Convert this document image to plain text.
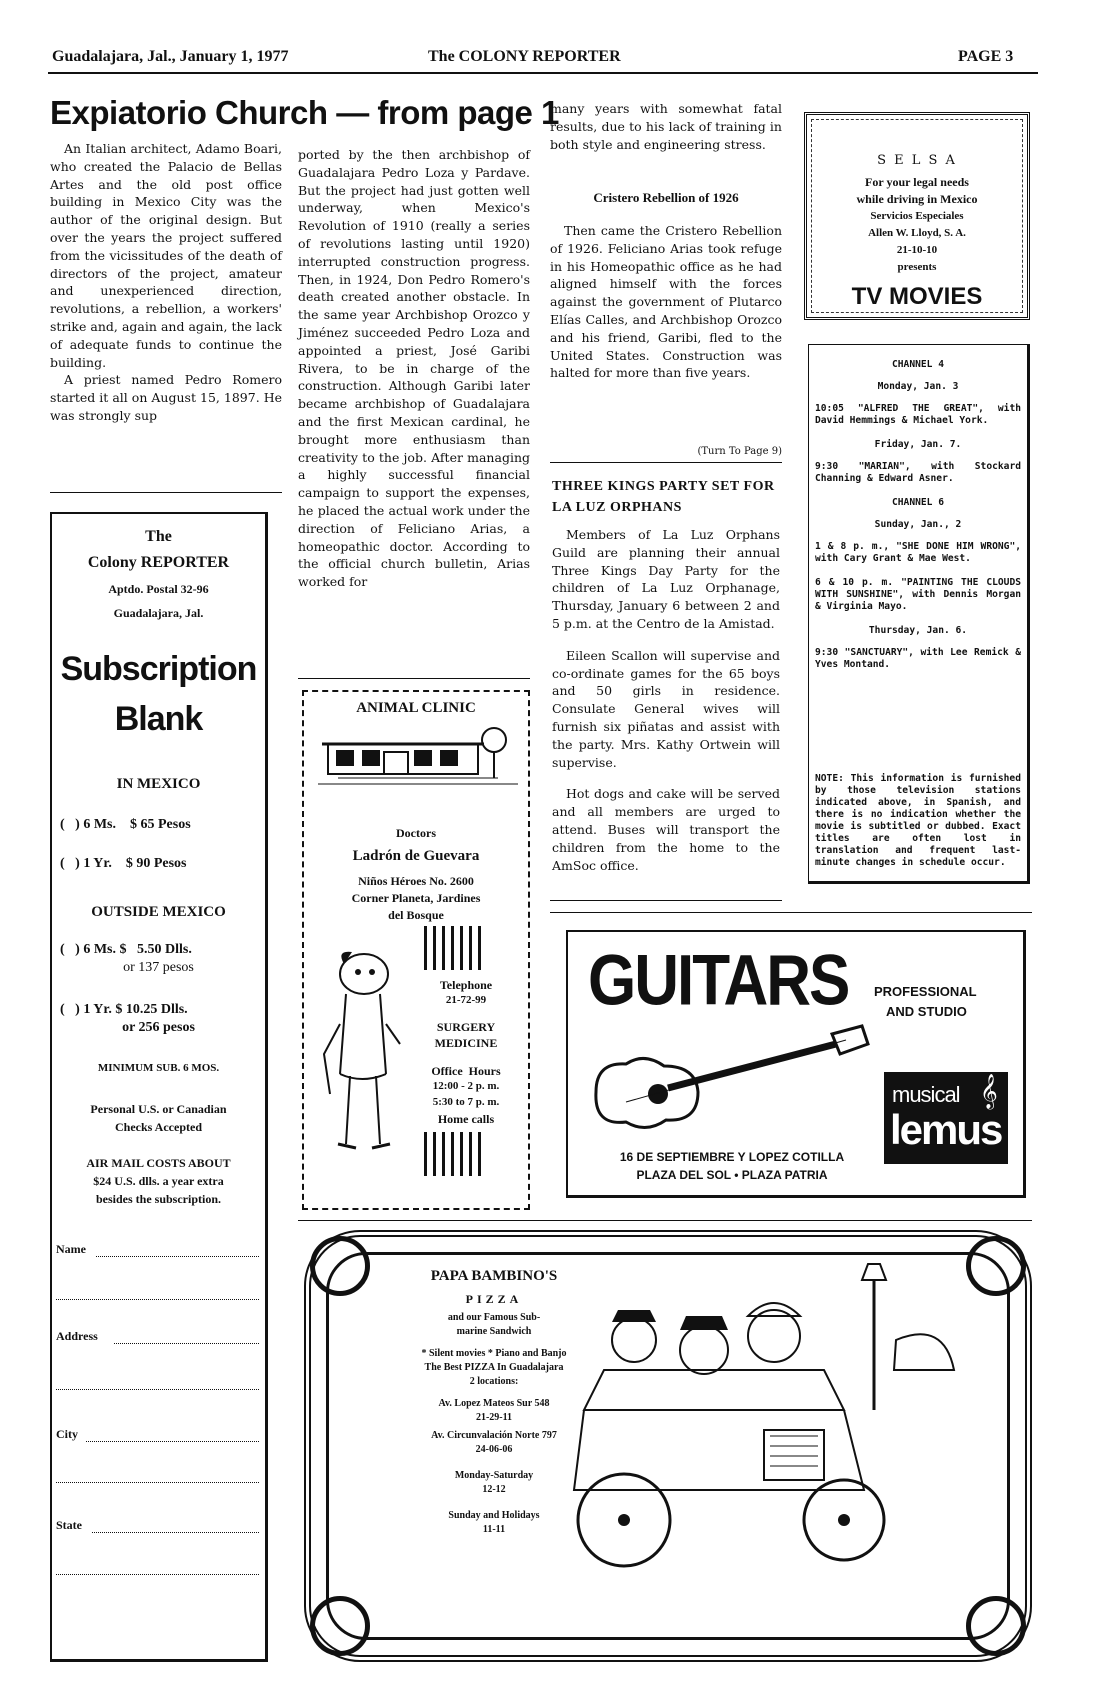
Guadalajara, Jal., January 1, 1977	The COLONY REPORTER	PAGE 3
Expiatorio Church — from page 1

An Italian architect, Adamo Boari, who created the Palacio de Bellas Artes and the old post office building in Mexico City was the author of the original design. But over the years the project suffered from the vicissitudes of the death of directors of the project, amateur and unexperienced direction, revolutions, a rebellion, a workers' strike and, again and again, the lack of adequate funds to continue the building.

A priest named Pedro Romero started it all on August 15, 1897. He was strongly sup

ported by the then archbishop of Guadalajara Pedro Loza y Pardave. But the project had just gotten well underway, when Mexico's Revolution of 1910 (really a series of revolutions lasting until 1920) interrupted construction progress. Then, in 1924, Don Pedro Romero's death created another obstacle. In the same year Archbishop Orozco y Jiménez succeeded Pedro Loza and appointed a priest, José Garibi Rivera, to be in charge of the construction. Although Garibi later became archbishop of Guadalajara and the first Mexican cardinal, he brought more enthusiasm than creativity to the job. After managing a highly successful financial campaign to support the expenses, he placed the actual work under the direction of Feliciano Arias, a homeopathic doctor. According to the official church bulletin, Arias worked for

many years with somewhat fatal results, due to his lack of training in both style and engineering stress.

Cristero Rebellion of 1926

Then came the Cristero Rebellion of 1926. Feliciano Arias took refuge in his Homeopathic office as he had aligned himself with the forces against the government of Plutarco Elías Calles, and Archbishop Orozco and his friend, Garibi, fled to the United States. Construction was halted for more than five years.

(Turn To Page 9)
THREE KINGS PARTY SET FOR LA LUZ ORPHANS

Members of La Luz Orphans Guild are planning their annual Three Kings Day Party for the children of La Luz Orphanage, Thursday, January 6 between 2 and 5 p.m. at the Centro de la Amistad.

Eileen Scallon will supervise and co-ordinate games for the 65 boys and 50 girls in residence. Consulate General wives will furnish six piñatas and assist with the party. Mrs. Kathy Ortwein will supervise.

Hot dogs and cake will be served and all members are urged to attend. Buses will transport the children from the home to the AmSoc office.

S E L S A
For your legal needs
while driving in Mexico
Servicios Especiales
Allen W. Lloyd, S. A.
21-10-10
presents
TV MOVIES
CHANNEL 4
Monday, Jan. 3
10:05 "ALFRED THE GREAT", with David Hemmings & Michael York.
Friday, Jan. 7.
9:30 "MARIAN", with Stockard Channing & Edward Asner.
CHANNEL 6
Sunday, Jan., 2
1 & 8 p. m., "SHE DONE HIM WRONG", with Cary Grant & Mae West.
6 & 10 p. m. "PAINTING THE CLOUDS WITH SUNSHINE", with Dennis Morgan & Virginia Mayo.
Thursday, Jan. 6.
9:30 "SANCTUARY", with Lee Remick & Yves Montand.
NOTE: This information is furnished by those television stations indicated above, in Spanish, and there is no indication whether the movie is subtitled or dubbed. Exact titles are often lost in translation and frequent last-minute changes in schedule occur.
The
Colony REPORTER
Aptdo. Postal 32-96
Guadalajara, Jal.
Subscription
Blank
IN MEXICO
(   ) 6 Ms.    $ 65 Pesos
(   ) 1 Yr.    $ 90 Pesos
OUTSIDE MEXICO
(   ) 6 Ms. $   5.50 Dlls.
or 137 pesos
(   ) 1 Yr. $ 10.25 Dlls.
or 256 pesos
MINIMUM SUB. 6 MOS.
Personal U.S. or Canadian
Checks Accepted
AIR MAIL COSTS ABOUT
$24 U.S. dlls. a year extra
besides the subscription.
Name
Address
City
State
ANIMAL CLINIC
Doctors
Ladrón de Guevara
Niños Héroes No. 2600
Corner Planeta, Jardines
del Bosque
Telephone
21-72-99
SURGERY
MEDICINE
Office  Hours
12:00 - 2 p. m.
5:30 to 7 p. m.
Home calls
GUITARS PROFESSIONAL
AND STUDIO
musical
lemus
𝄞
16 DE SEPTIEMBRE Y LOPEZ COTILLA
PLAZA DEL SOL • PLAZA PATRIA
PAPA BAMBINO'S
PIZZA
and our Famous Sub-
marine Sandwich
* Silent movies * Piano and Banjo
The Best PIZZA In Guadalajara
2 locations:
Av. Lopez Mateos Sur 548
21-29-11
Av. Circunvalación Norte 797
24-06-06
Monday-Saturday
12-12
Sunday and Holidays
11-11
